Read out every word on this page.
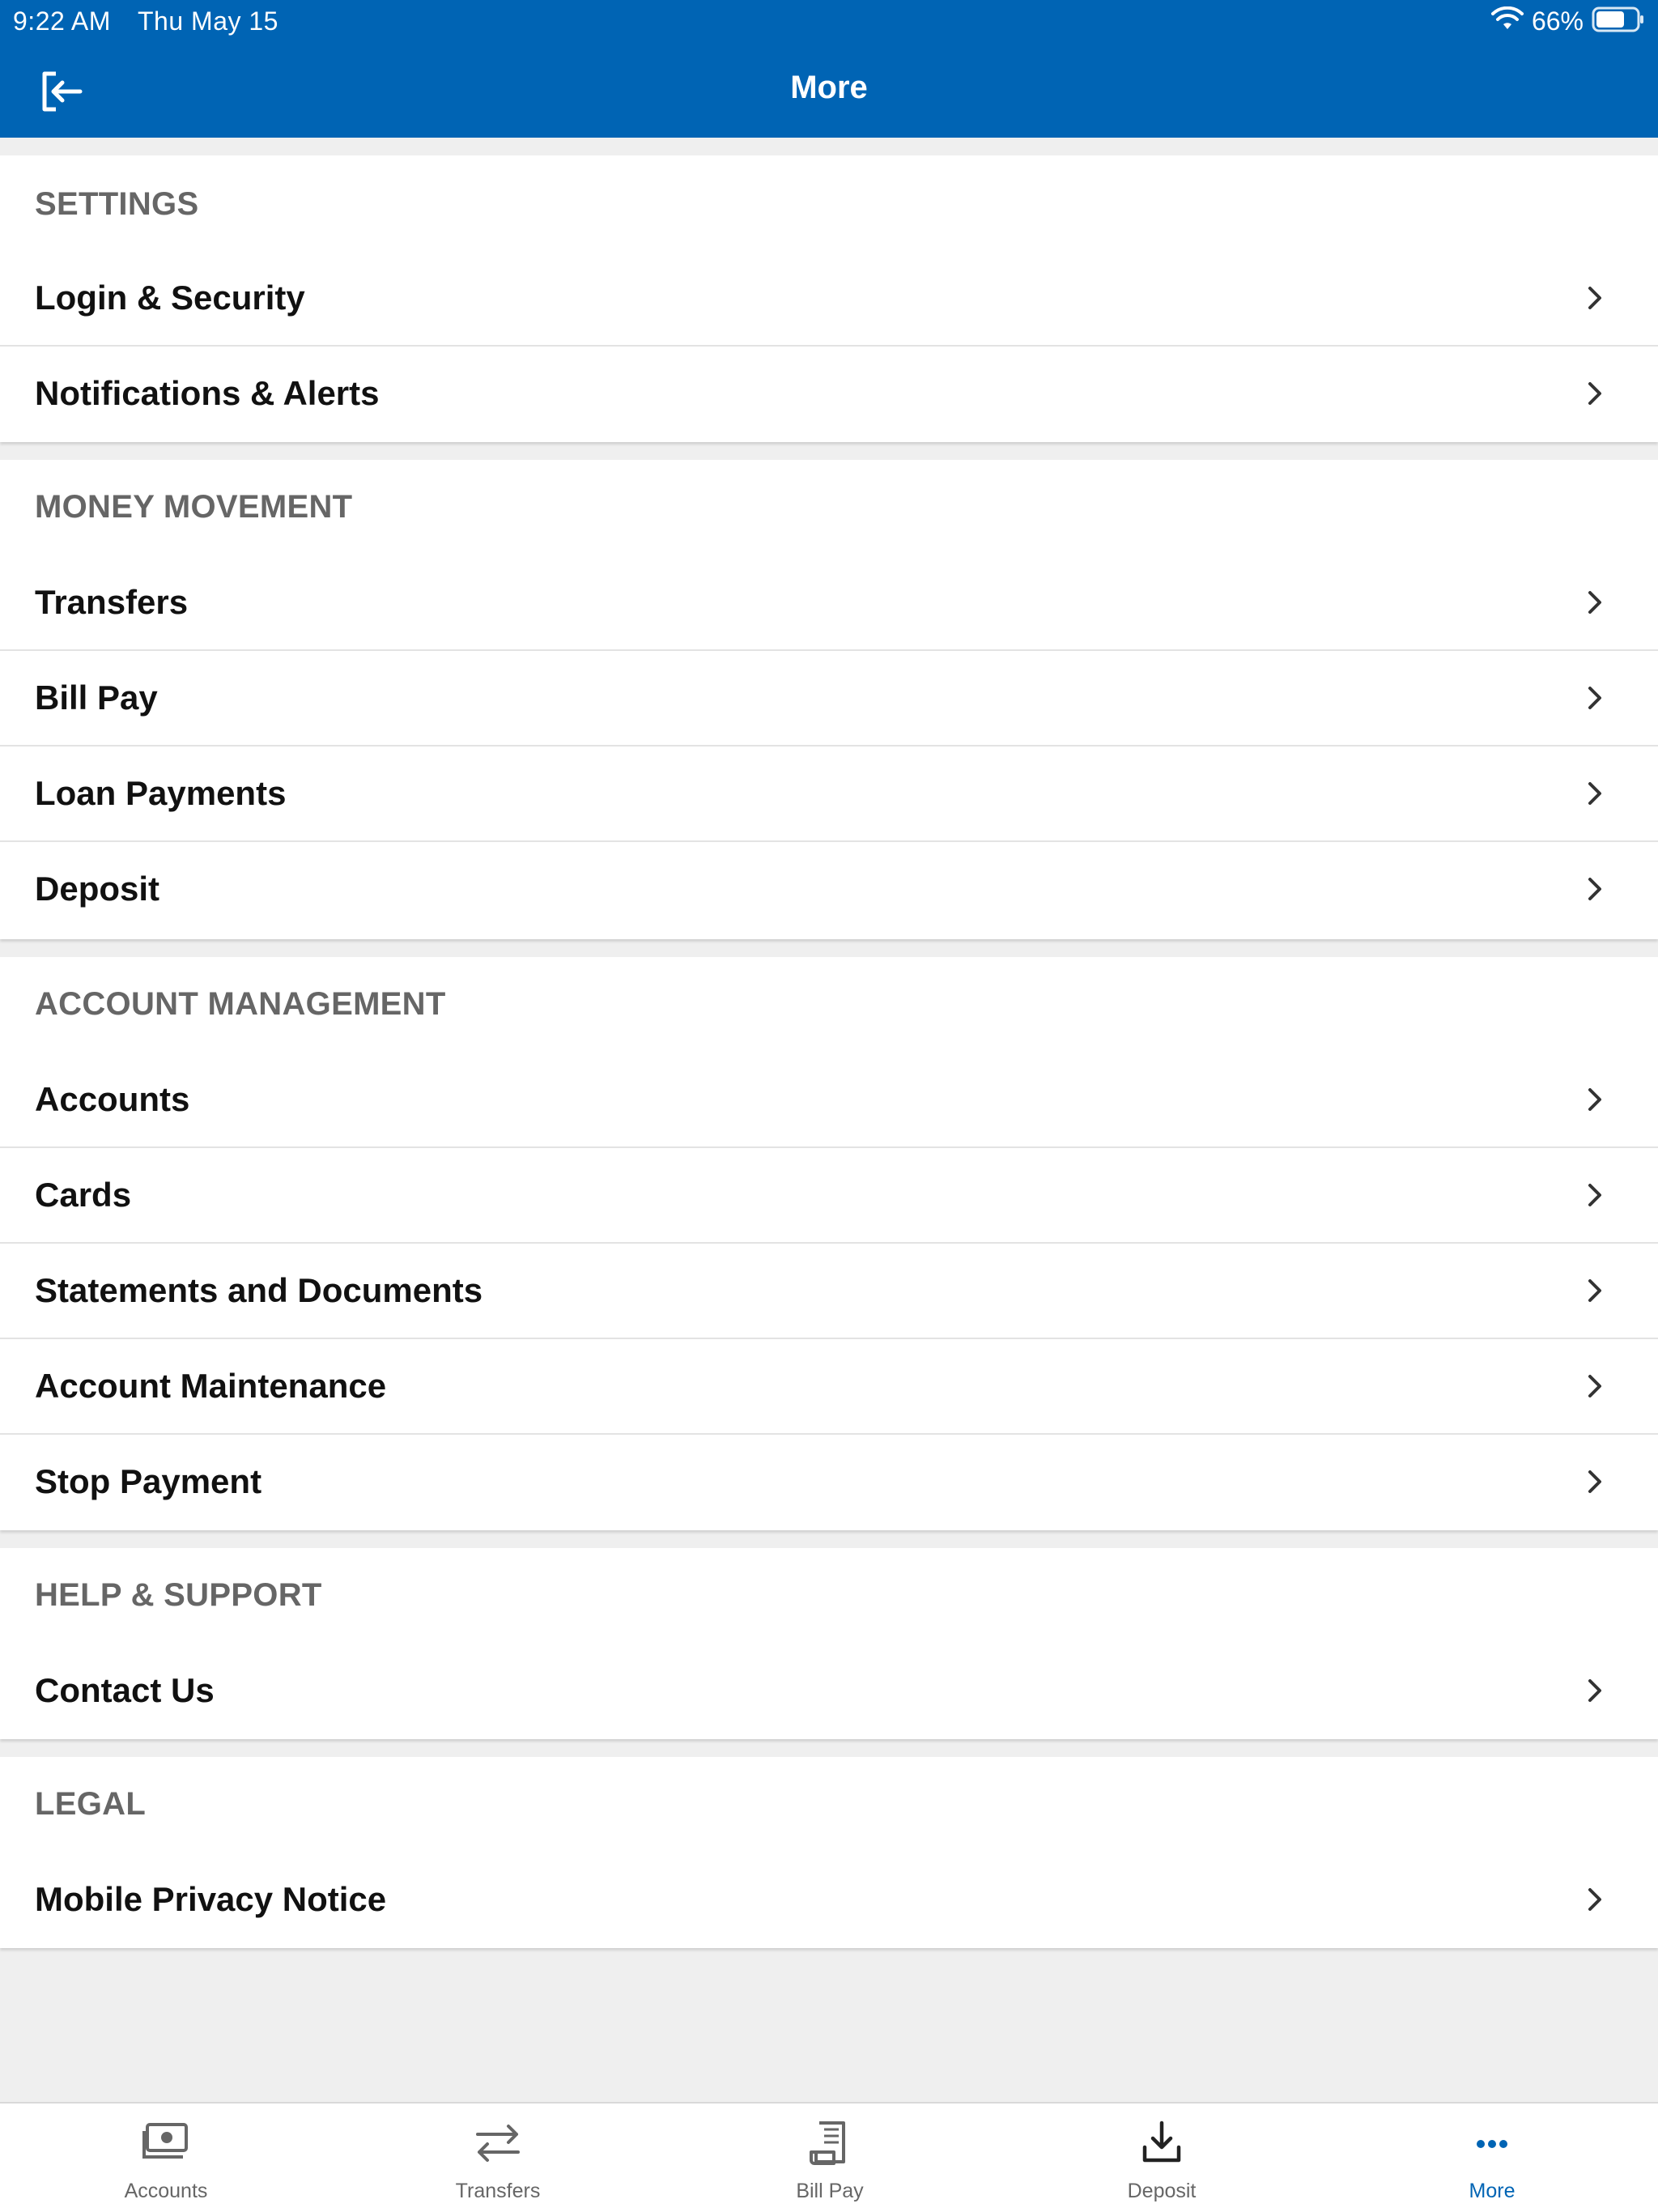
9:22 AM Thu May 15	66%
More
SETTINGS
Login & Security
Notifications & Alerts
MONEY MOVEMENT
Transfers
Bill Pay
Loan Payments
Deposit
ACCOUNT MANAGEMENT
Accounts
Cards
Statements and Documents
Account Maintenance
Stop Payment
HELP & SUPPORT
Contact Us
LEGAL
Mobile Privacy Notice
Accounts	Transfers	Bill Pay	Deposit	More
